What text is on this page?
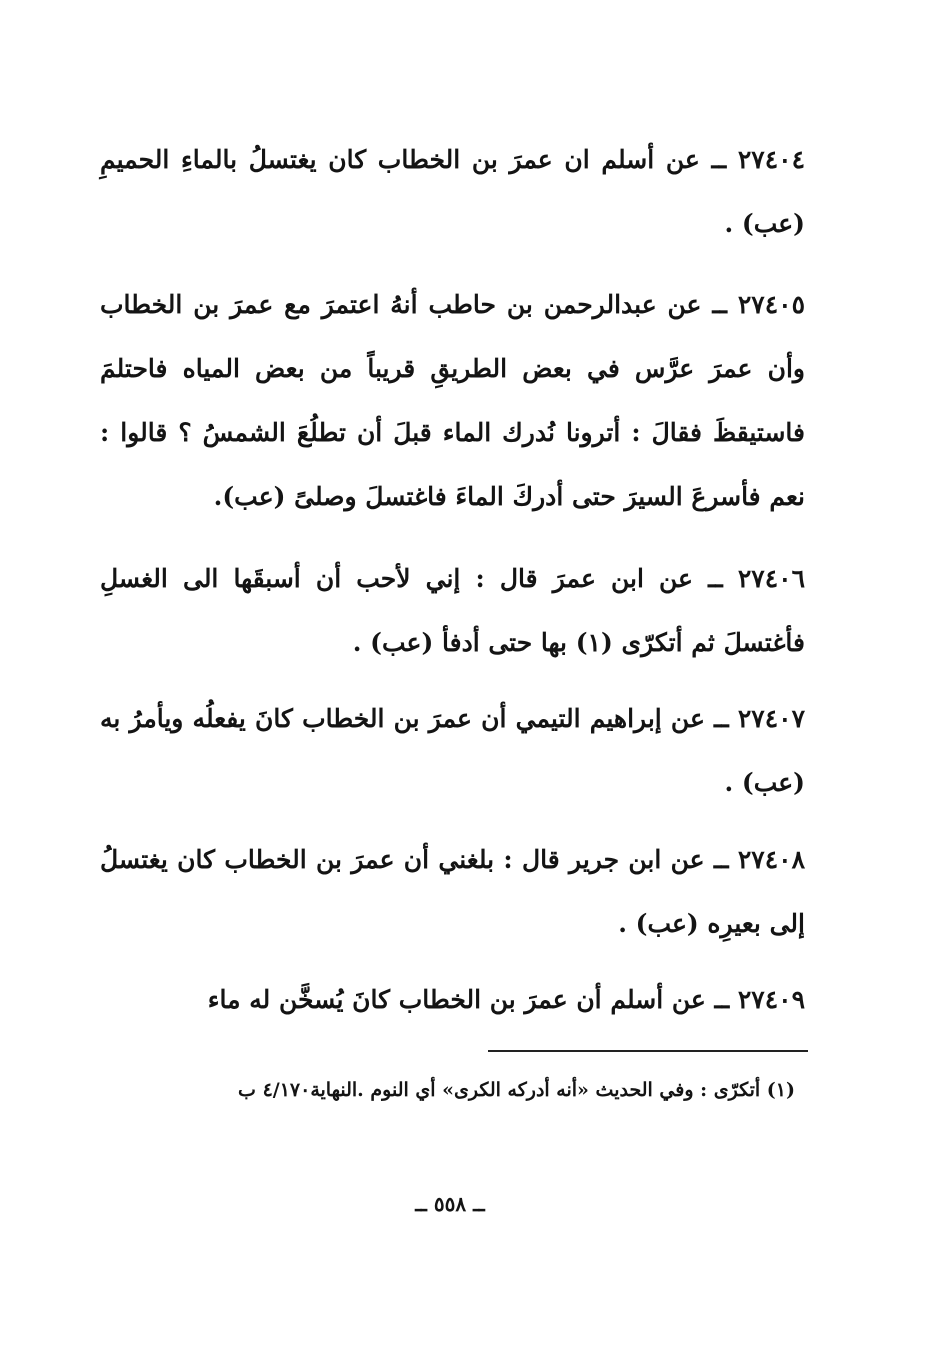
٢٧٤٠٤ ــ عن أسلم ان عمرَ بن الخطاب كان يغتسلُ بالماءِ الحميمِ (عب) .

٢٧٤٠٥ ــ عن عبدالرحمن بن حاطب أنهُ اعتمرَ مع عمرَ بن الخطاب وأن عمرَ عرَّس في بعض الطريقِ قريباً من بعض المياه فاحتلمَ فاستيقظَ فقالَ : أترونا نُدرك الماء قبلَ أن تطلُعَ الشمسُ ؟ قالوا : نعم فأسرعَ السيرَ حتى أدركَ الماءَ فاغتسلَ وصلىً (عب).

٢٧٤٠٦ ــ عن ابن عمرَ قال : إني لأحب أن أسبقَها الى الغسلِ فأغتسلَ ثم أتكرّى (١) بها حتى أدفأ (عب) .

٢٧٤٠٧ ــ عن إبراهيم التيمي أن عمرَ بن الخطاب كانَ يفعلُه ويأمرُ به (عب) .

٢٧٤٠٨ ــ عن ابن جرير قال : بلغني أن عمرَ بن الخطاب كان يغتسلُ إلى بعيرِه (عب) .

٢٧٤٠٩ ــ عن أسلم أن عمرَ بن الخطاب كانَ يُسخَّن له ماء

(١) أتكرّى : وفي الحديث «أنه أدركه الكرى» أي النوم .النهاية٤/١٧٠ ب
ــ ٥٥٨ ــ
